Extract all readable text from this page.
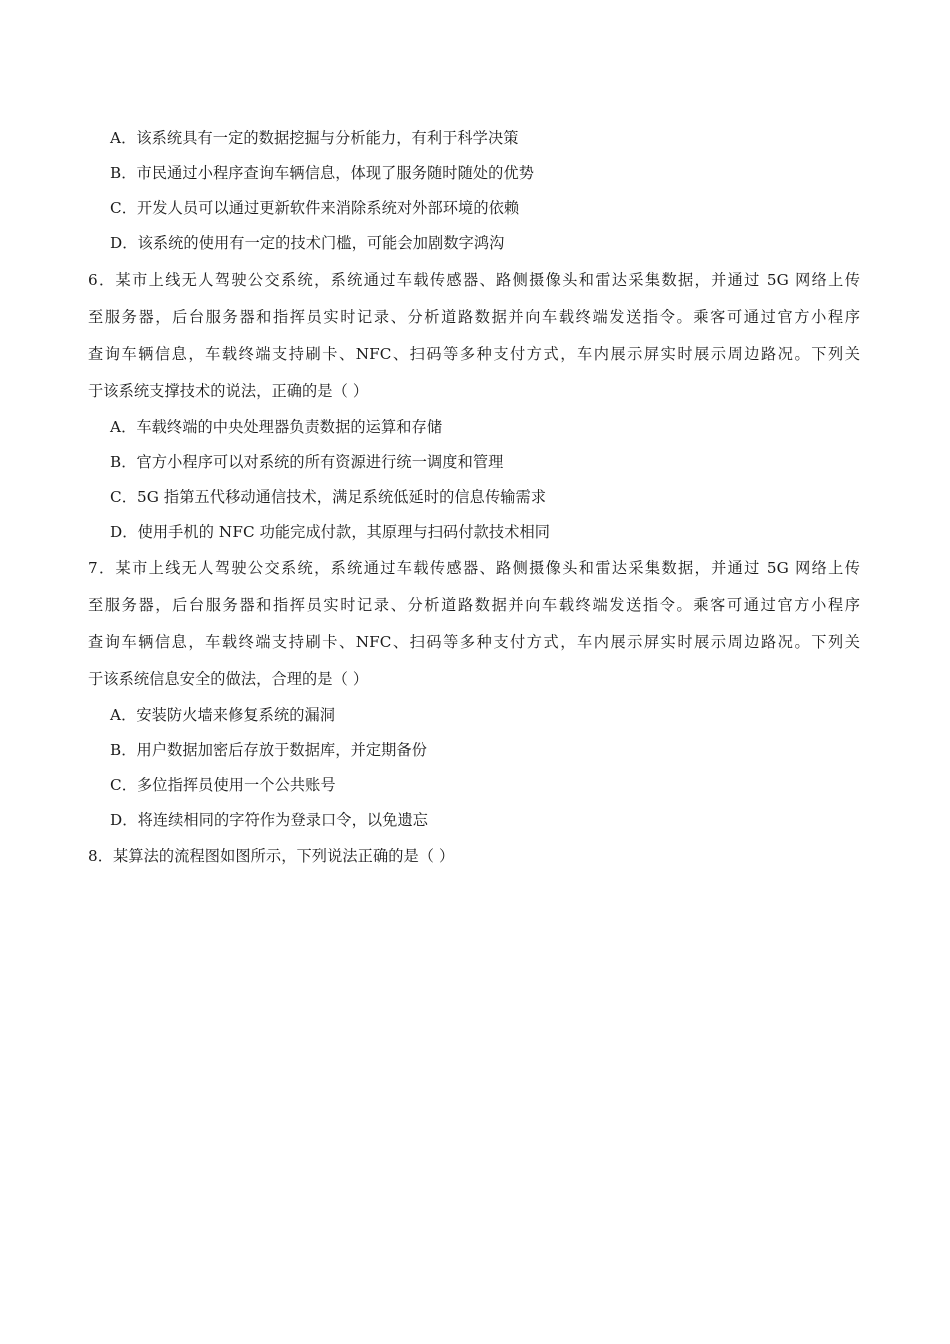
A．该系统具有一定的数据挖掘与分析能力，有利于科学决策
B．市民通过小程序查询车辆信息，体现了服务随时随处的优势
C．开发人员可以通过更新软件来消除系统对外部环境的依赖
D．该系统的使用有一定的技术门槛，可能会加剧数字鸿沟
6．某市上线无人驾驶公交系统，系统通过车载传感器、路侧摄像头和雷达采集数据，并通过 5G 网络上传
至服务器，后台服务器和指挥员实时记录、分析道路数据并向车载终端发送指令。乘客可通过官方小程序
查询车辆信息，车载终端支持刷卡、NFC、扫码等多种支付方式，车内展示屏实时展示周边路况。下列关
于该系统支撑技术的说法，正确的是（ ）
A．车载终端的中央处理器负责数据的运算和存储
B．官方小程序可以对系统的所有资源进行统一调度和管理
C．5G 指第五代移动通信技术，满足系统低延时的信息传输需求
D．使用手机的 NFC 功能完成付款，其原理与扫码付款技术相同
7．某市上线无人驾驶公交系统，系统通过车载传感器、路侧摄像头和雷达采集数据，并通过 5G 网络上传
至服务器，后台服务器和指挥员实时记录、分析道路数据并向车载终端发送指令。乘客可通过官方小程序
查询车辆信息，车载终端支持刷卡、NFC、扫码等多种支付方式，车内展示屏实时展示周边路况。下列关
于该系统信息安全的做法，合理的是（ ）
A．安装防火墙来修复系统的漏洞
B．用户数据加密后存放于数据库，并定期备份
C．多位指挥员使用一个公共账号
D．将连续相同的字符作为登录口令，以免遗忘
8．某算法的流程图如图所示，下列说法正确的是（ ）
